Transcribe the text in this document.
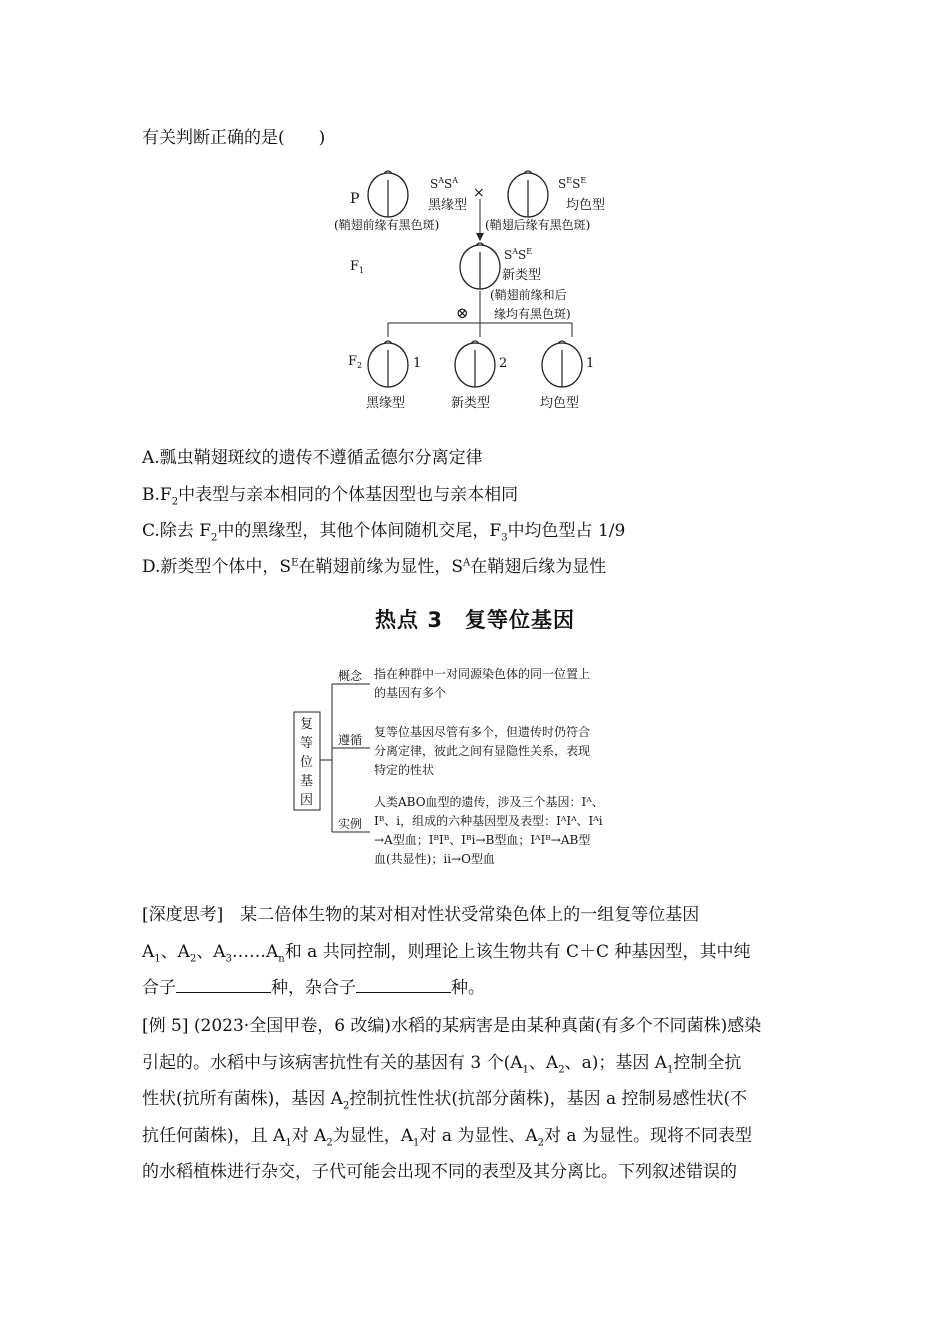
有关判断正确的是(　　)
P
$S^AS^A$
黑缘型
(鞘翅前缘有黑色斑)
×
$S^ES^E$
均色型
(鞘翅后缘有黑色斑)
$F_1$
$S^AS^E$
新类型
(鞘翅前缘和后
缘均有黑色斑)
⊗
$F_2$	1
黑缘型
2
新类型
1
均色型
A.瓢虫鞘翅斑纹的遗传不遵循孟德尔分离定律
$B.F_2$中表型与亲本相同的个体基因型也与亲本相同
C.除去 $F_2$中的黑缘型，其他个体间随机交尾，$F_3$中均色型占 1/9
D.新类型个体中，$S^E$在鞘翅前缘为显性，$S^A$在鞘翅后缘为显性
热点 3　复等位基因
复
等
位
基
因
概念
遵循
实例
指在种群中一对同源染色体的同一位置上
的基因有多个
复等位基因尽管有多个，但遗传时仍符合
分离定律，彼此之间有显隐性关系，表现
特定的性状
人类ABO血型的遗传，涉及三个基因：Iᴬ、
Iᴮ、i，组成的六种基因型及表型：IᴬIᴬ、Iᴬi
→A型血；IᴮIᴮ、Iᴮi→B型血；IᴬIᴮ→AB型
血(共显性)；ii→O型血
[深度思考]　某二倍体生物的某对相对性状受常染色体上的一组复等位基因
$A_1$、$A_2$、$A_3\dots\dots A_n$和 a 共同控制，则理论上该生物共有 C＋C 种基因型，其中纯
合子	种，杂合子	种。
[例 5] (2023·全国甲卷，6 改编)水稻的某病害是由某种真菌(有多个不同菌株)感染
引起的。水稻中与该病害抗性有关的基因有 3 个($A_1$、$A_2$、a)；基因 $A_1$控制全抗
性状(抗所有菌株)，基因 $A_2$控制抗性性状(抗部分菌株)，基因 a 控制易感性状(不
抗任何菌株)，且 $A_1$对 $A_2$为显性，$A_1$对 a 为显性、$A_2$对 a 为显性。现将不同表型
的水稻植株进行杂交，子代可能会出现不同的表型及其分离比。下列叙述错误的
